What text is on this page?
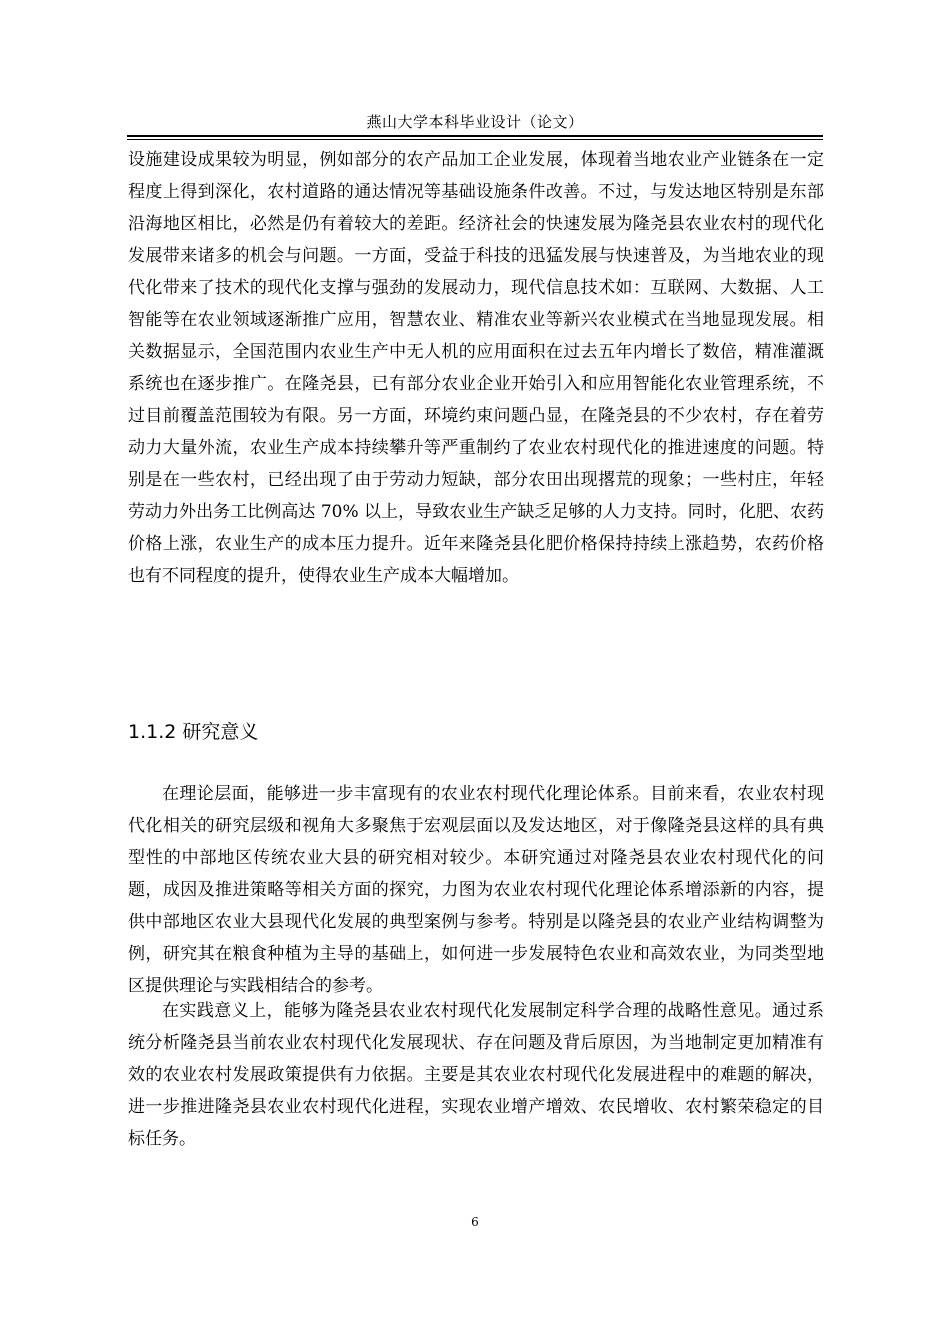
燕山大学本科毕业设计（论文）

设施建设成果较为明显，例如部分的农产品加工企业发展，体现着当地农业产业链条在一定程度上得到深化，农村道路的通达情况等基础设施条件改善。不过，与发达地区特别是东部沿海地区相比，必然是仍有着较大的差距。经济社会的快速发展为隆尧县农业农村的现代化发展带来诸多的机会与问题。一方面，受益于科技的迅猛发展与快速普及，为当地农业的现代化带来了技术的现代化支撑与强劲的发展动力，现代信息技术如：互联网、大数据、人工智能等在农业领域逐渐推广应用，智慧农业、精准农业等新兴农业模式在当地显现发展。相关数据显示，全国范围内农业生产中无人机的应用面积在过去五年内增长了数倍，精准灌溉系统也在逐步推广。在隆尧县，已有部分农业企业开始引入和应用智能化农业管理系统，不过目前覆盖范围较为有限。另一方面，环境约束问题凸显，在隆尧县的不少农村，存在着劳动力大量外流，农业生产成本持续攀升等严重制约了农业农村现代化的推进速度的问题。特别是在一些农村，已经出现了由于劳动力短缺，部分农田出现撂荒的现象；一些村庄，年轻劳动力外出务工比例高达 70% 以上，导致农业生产缺乏足够的人力支持。同时，化肥、农药价格上涨，农业生产的成本压力提升。近年来隆尧县化肥价格保持持续上涨趋势，农药价格也有不同程度的提升，使得农业生产成本大幅增加。

1.1.2 研究意义

在理论层面，能够进一步丰富现有的农业农村现代化理论体系。目前来看，农业农村现代化相关的研究层级和视角大多聚焦于宏观层面以及发达地区，对于像隆尧县这样的具有典型性的中部地区传统农业大县的研究相对较少。本研究通过对隆尧县农业农村现代化的问题，成因及推进策略等相关方面的探究，力图为农业农村现代化理论体系增添新的内容，提供中部地区农业大县现代化发展的典型案例与参考。特别是以隆尧县的农业产业结构调整为例，研究其在粮食种植为主导的基础上，如何进一步发展特色农业和高效农业，为同类型地区提供理论与实践相结合的参考。

在实践意义上，能够为隆尧县农业农村现代化发展制定科学合理的战略性意见。通过系统分析隆尧县当前农业农村现代化发展现状、存在问题及背后原因，为当地制定更加精准有效的农业农村发展政策提供有力依据。主要是其农业农村现代化发展进程中的难题的解决，进一步推进隆尧县农业农村现代化进程，实现农业增产增效、农民增收、农村繁荣稳定的目标任务。

6
